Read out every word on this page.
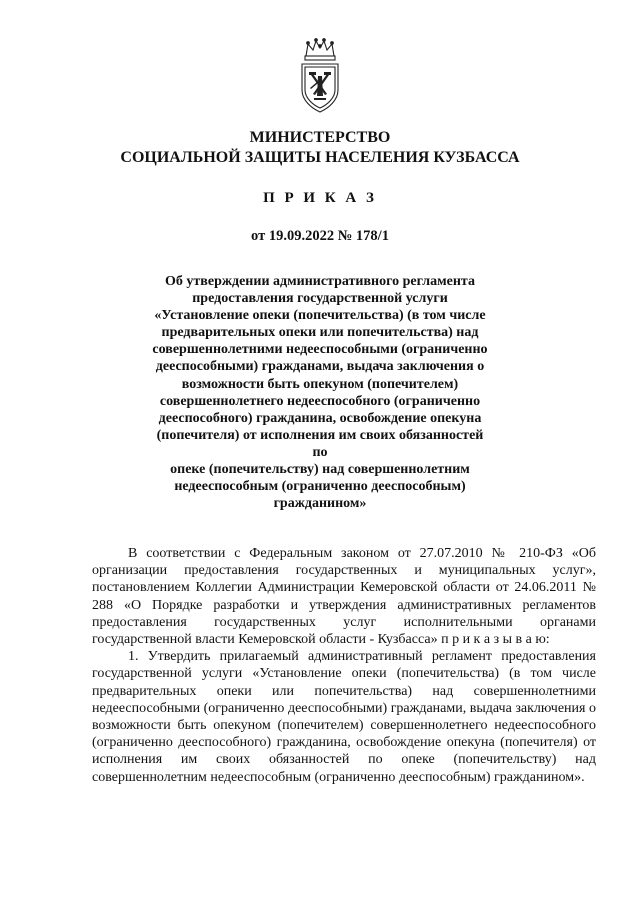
МИНИСТЕРСТВО
СОЦИАЛЬНОЙ ЗАЩИТЫ НАСЕЛЕНИЯ КУЗБАССА
П Р И К А З
от 19.09.2022 № 178/1
Об утверждении административного регламента
предоставления государственной услуги
«Установление опеки (попечительства) (в том числе
предварительных опеки или попечительства) над
совершеннолетними недееспособными (ограниченно
дееспособными) гражданами, выдача заключения о
возможности быть опекуном (попечителем)
совершеннолетнего недееспособного (ограниченно
дееспособного) гражданина, освобождение опекуна
(попечителя) от исполнения им своих обязанностей по
опеке (попечительству) над совершеннолетним
недееспособным (ограниченно дееспособным)
гражданином»

В соответствии с Федеральным законом от 27.07.2010 № 210-ФЗ «Об организации предоставления государственных и муниципальных услуг», постановлением Коллегии Администрации Кемеровской области от 24.06.2011 № 288 «О Порядке разработки и утверждения административных регламентов предоставления государственных услуг исполнительными органами государственной власти Кемеровской области - Кузбасса» п р и к а з ы в а ю:

1. Утвердить прилагаемый административный регламент предоставления государственной услуги «Установление опеки (попечительства) (в том числе предварительных опеки или попечительства) над совершеннолетними недееспособными (ограниченно дееспособными) гражданами, выдача заключения о возможности быть опекуном (попечителем) совершеннолетнего недееспособного (ограниченно дееспособного) гражданина, освобождение опекуна (попечителя) от исполнения им своих обязанностей по опеке (попечительству) над совершеннолетним недееспособным (ограниченно дееспособным) гражданином».
